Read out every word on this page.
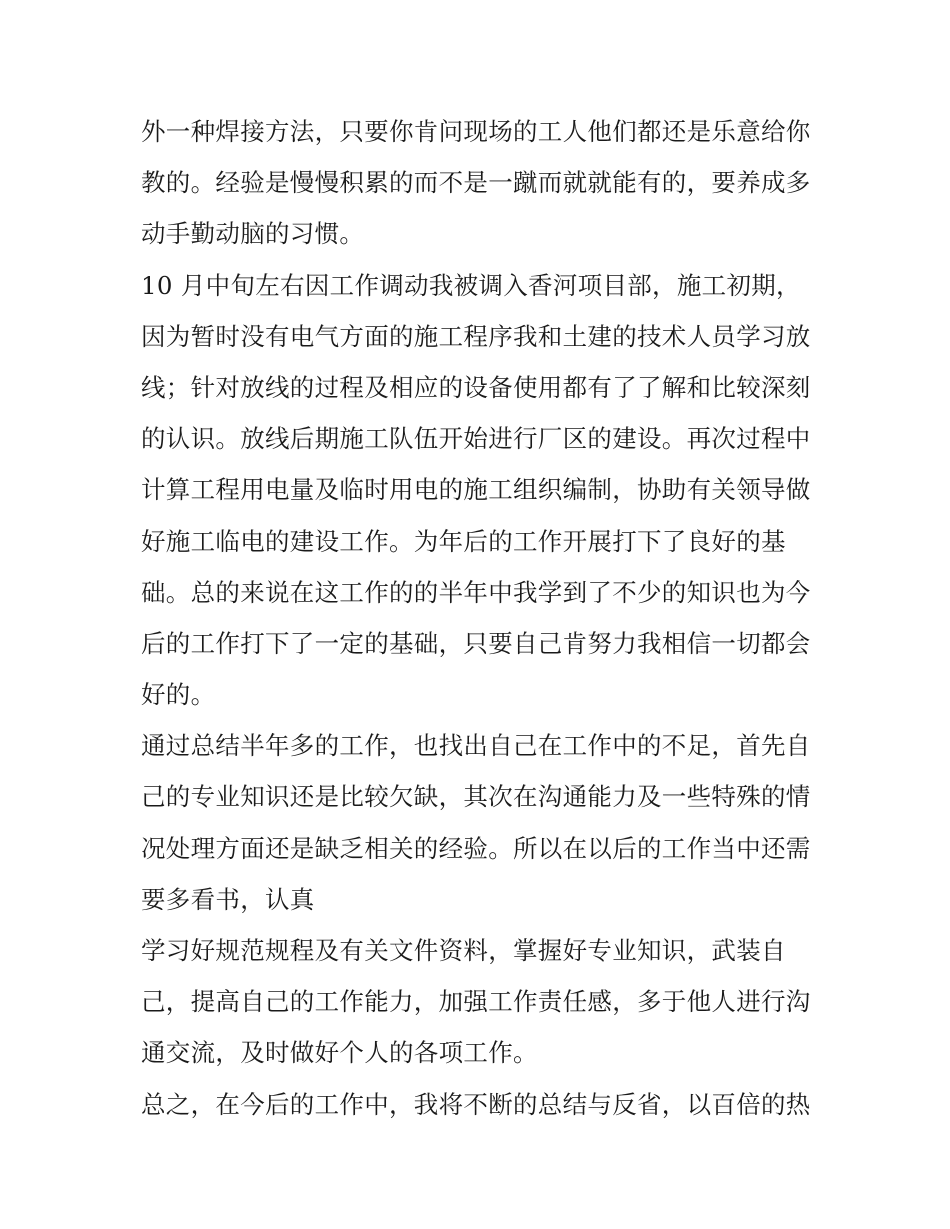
外一种焊接方法，只要你肯问现场的工人他们都还是乐意给你
教的。经验是慢慢积累的而不是一蹴而就就能有的，要养成多
动手勤动脑的习惯。
10 月中旬左右因工作调动我被调入香河项目部，施工初期，
因为暂时没有电气方面的施工程序我和土建的技术人员学习放
线；针对放线的过程及相应的设备使用都有了了解和比较深刻
的认识。放线后期施工队伍开始进行厂区的建设。再次过程中
计算工程用电量及临时用电的施工组织编制，协助有关领导做
好施工临电的建设工作。为年后的工作开展打下了良好的基
础。总的来说在这工作的的半年中我学到了不少的知识也为今
后的工作打下了一定的基础，只要自己肯努力我相信一切都会
好的。
通过总结半年多的工作，也找出自己在工作中的不足，首先自
己的专业知识还是比较欠缺，其次在沟通能力及一些特殊的情
况处理方面还是缺乏相关的经验。所以在以后的工作当中还需
要多看书，认真
学习好规范规程及有关文件资料，掌握好专业知识，武装自
己，提高自己的工作能力，加强工作责任感，多于他人进行沟
通交流，及时做好个人的各项工作。
总之，在今后的工作中，我将不断的总结与反省，以百倍的热
